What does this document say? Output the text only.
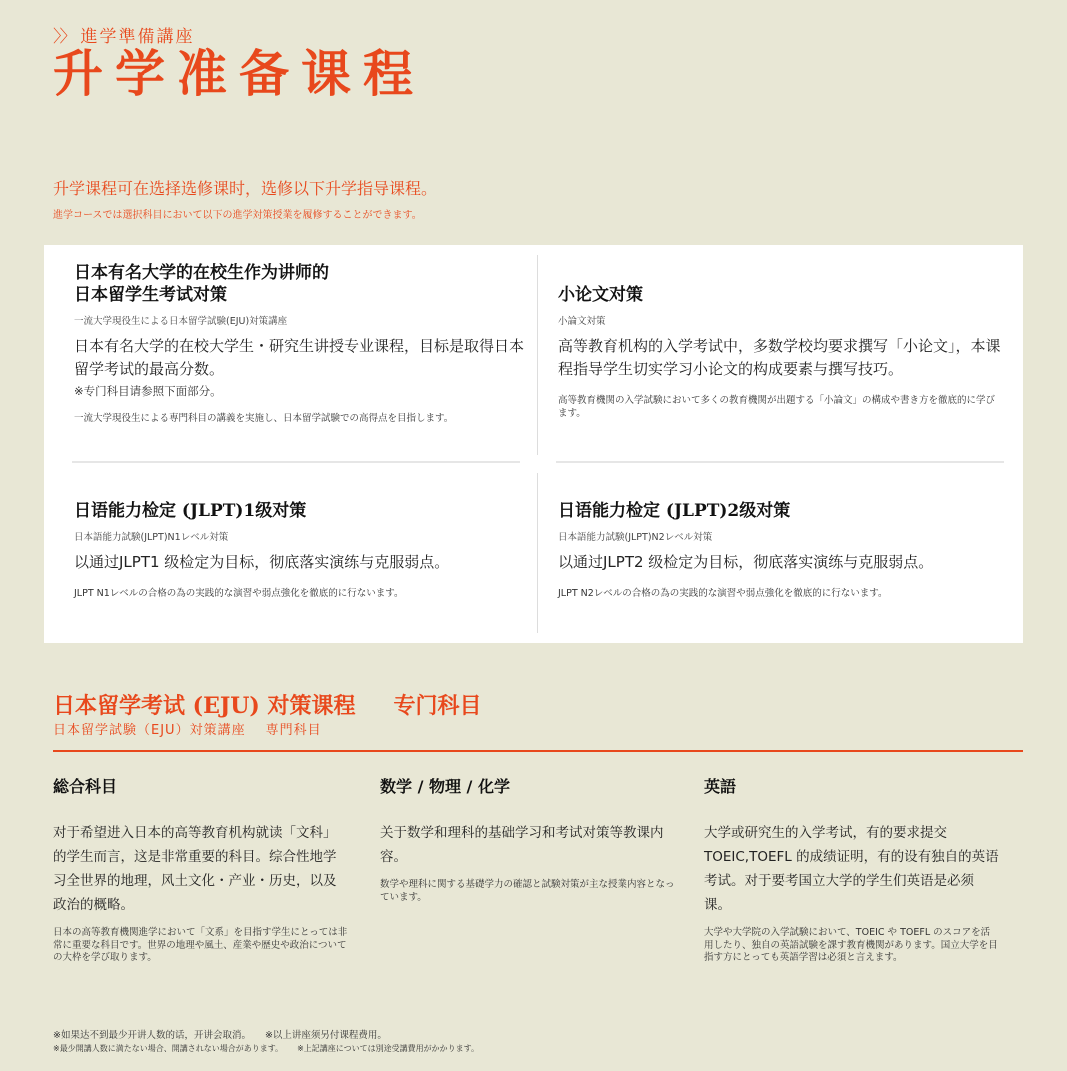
〉〉 進学準備講座
升学准备课程
升学课程可在选择选修课时，选修以下升学指导课程。
進学コースでは選択科目において以下の進学対策授業を履修することができます。
日本有名大学的在校生作为讲师的
日本留学生考试对策
一流大学現役生による日本留学試験(EJU)対策講座
日本有名大学的在校大学生・研究生讲授专业课程，目标是取得日本留学考试的最高分数。
※专门科目请参照下面部分。
一流大学現役生による専門科目の講義を実施し、日本留学試験での高得点を目指します。
小论文对策
小論文対策
高等教育机构的入学考试中，多数学校均要求撰写「小论文」，本课程指导学生切实学习小论文的构成要素与撰写技巧。
高等教育機関の入学試験において多くの教育機関が出題する「小論文」の構成や書き方を徹底的に学びます。
日语能力检定 (JLPT)1级对策
日本語能力試験(JLPT)N1レベル対策
以通过JLPT1 级检定为目标，彻底落实演练与克服弱点。
JLPT N1レベルの合格の為の実践的な演習や弱点強化を徹底的に行ないます。
日语能力检定 (JLPT)2级对策
日本語能力試験(JLPT)N2レベル対策
以通过JLPT2 级检定为目标，彻底落实演练与克服弱点。
JLPT N2レベルの合格の為の実践的な演習や弱点強化を徹底的に行ないます。
日本留学考试 (EJU) 对策课程 专门科目
日本留学試験（EJU）対策講座 専門科目
総合科目
对于希望进入日本的高等教育机构就读「文科」的学生而言，这是非常重要的科目。综合性地学习全世界的地理，风土文化・产业・历史，以及政治的概略。
日本の高等教育機関進学において「文系」を目指す学生にとっては非常に重要な科目です。世界の地理や風土、産業や歴史や政治についての大枠を学び取ります。
数学 / 物理 / 化学
关于数学和理科的基础学习和考试对策等教课内容。
数学や理科に関する基礎学力の確認と試験対策が主な授業内容となっています。
英語
大学或研究生的入学考试，有的要求提交TOEIC,TOEFL 的成绩证明，有的设有独自的英语考试。对于要考国立大学的学生们英语是必须课。
大学や大学院の入学試験において、TOEIC や TOEFL のスコアを活用したり、独自の英語試験を課す教育機関があります。国立大学を目指す方にとっても英語学習は必須と言えます。
※如果达不到最少开讲人数的话，开讲会取消。 ※以上讲座须另付课程费用。
※最少開講人数に満たない場合、開講されない場合があります。 ※上記講座については別途受講費用がかかります。
